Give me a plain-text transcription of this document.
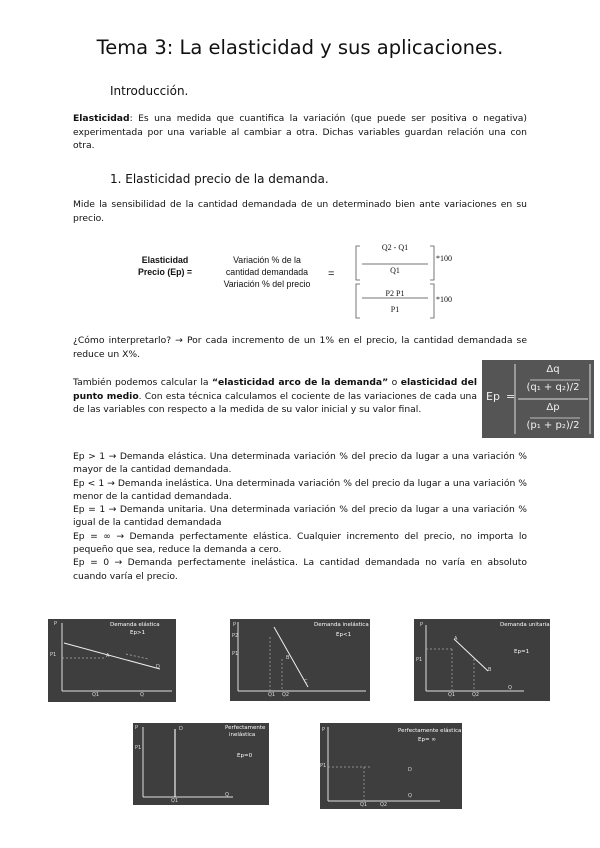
Tema 3: La elasticidad y sus aplicaciones.
Introducción.
Elasticidad: Es una medida que cuantifica la variación (que puede ser positiva o negativa) experimentada por una variable al cambiar a otra. Dichas variables guardan relación una con otra.
1. Elasticidad precio de la demanda.
Mide la sensibilidad de la cantidad demandada de un determinado bien ante variaciones en su precio.
Elasticidad
Precio (Ep) =
Variación % de la
cantidad demandada
Variación % del precio
=
Q2 - Q1
Q1
*100
P2 P1
P1
*100
¿Cómo interpretarlo? → Por cada incremento de un 1% en el precio, la cantidad demandada se reduce un X%.
También podemos calcular la “elasticidad arco de la demanda” o elasticidad del punto medio. Con esta técnica calculamos el cociente de las variaciones de cada una de las variables con respecto a la medida de su valor inicial y su valor final.
Ep =
Δq
(q₁ + q₂)/2
Δp
(p₁ + p₂)/2
Ep > 1 → Demanda elástica. Una determinada variación % del precio da lugar a una variación % mayor de la cantidad demandada.
Ep < 1 → Demanda inelástica. Una determinada variación % del precio da lugar a una variación % menor de la cantidad demandada.
Ep = 1 → Demanda unitaria. Una determinada variación % del precio da lugar a una variación % igual de la cantidad demandada
Ep = ∞ → Demanda perfectamente elástica. Cualquier incremento del precio, no importa lo pequeño que sea, reduce la demanda a cero.
Ep = 0 → Demanda perfectamente inelástica. La cantidad demandada no varía en absoluto cuando varía el precio.
Demanda elástica
Ep>1
P
P1	A
D
Q1	Q
Demanda inelástica
Ep<1
P
P2
P1
B
C
Q1 Q2
Demanda unitaria
Ep=1
P
P1
A
B
Q1	Q2
Q
Perfectamente
inelástica
Ep=0
P
P1
D
Q1
Q
Perfectamente elástica
Ep= ∞
P
P1
D
Q1	Q2
Q
